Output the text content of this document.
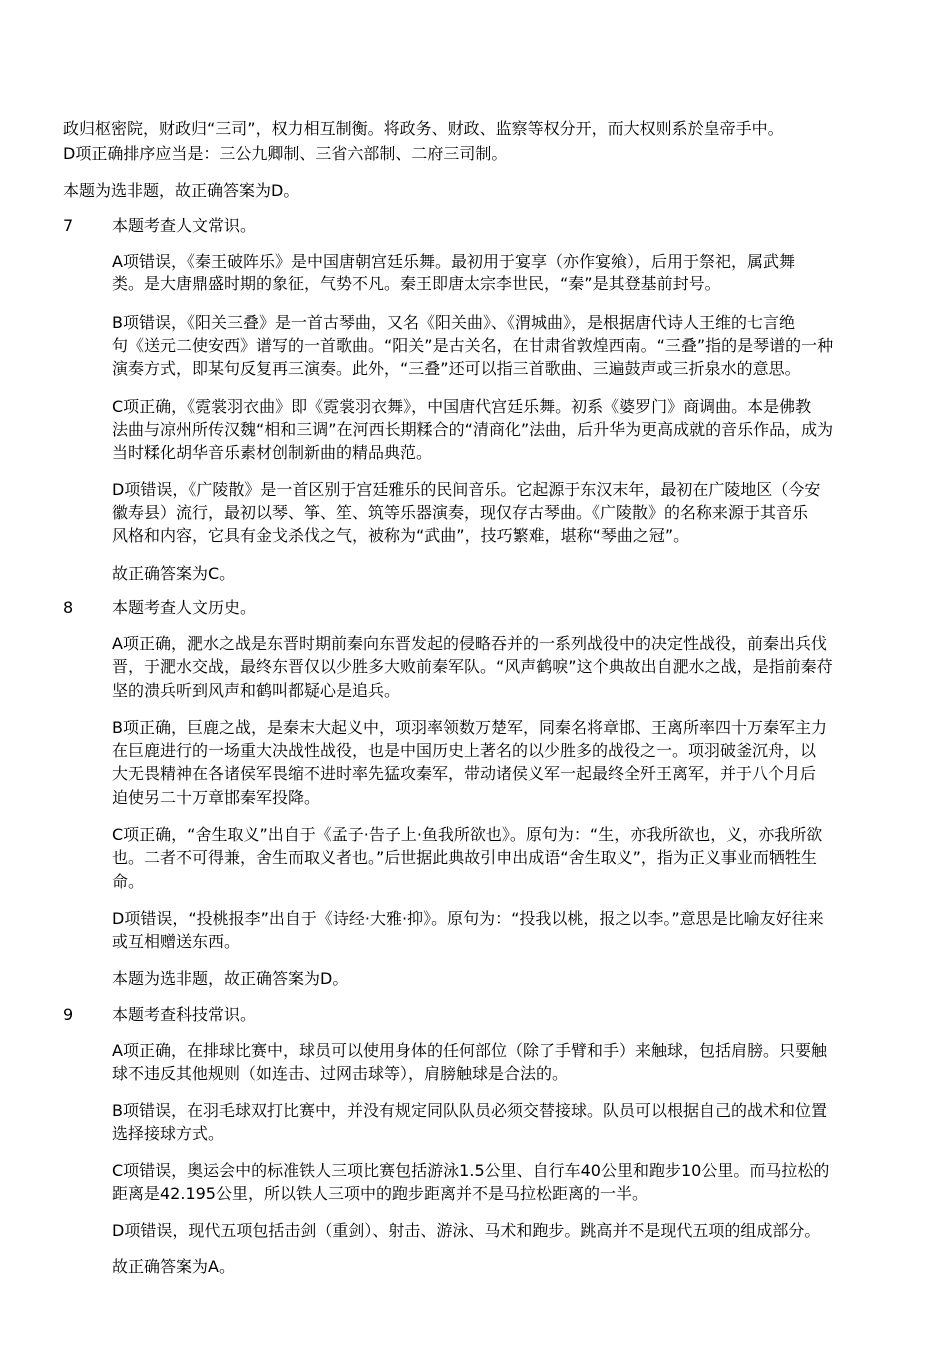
政归枢密院，财政归“三司”，权力相互制衡。将政务、财政、监察等权分开，而大权则系於皇帝手中。
D项正确排序应当是：三公九卿制、三省六部制、二府三司制。
本题为选非题，故正确答案为D。
7 本题考查人文常识。
A项错误，《秦王破阵乐》是中国唐朝宫廷乐舞。最初用于宴享（亦作宴飨），后用于祭祀，属武舞
类。是大唐鼎盛时期的象征，气势不凡。秦王即唐太宗李世民，“秦”是其登基前封号。
B项错误，《阳关三叠》是一首古琴曲，又名《阳关曲》、《渭城曲》，是根据唐代诗人王维的七言绝
句《送元二使安西》谱写的一首歌曲。“阳关”是古关名，在甘肃省敦煌西南。“三叠”指的是琴谱的一种
演奏方式，即某句反复再三演奏。此外，“三叠”还可以指三首歌曲、三遍鼓声或三折泉水的意思。
C项正确，《霓裳羽衣曲》即《霓裳羽衣舞》，中国唐代宫廷乐舞。初系《婆罗门》商调曲。本是佛教
法曲与凉州所传汉魏“相和三调”在河西长期糅合的“清商化”法曲，后升华为更高成就的音乐作品，成为
当时糅化胡华音乐素材创制新曲的精品典范。
D项错误，《广陵散》是一首区别于宫廷雅乐的民间音乐。它起源于东汉末年，最初在广陵地区（今安
徽寿县）流行，最初以琴、筝、笙、筑等乐器演奏，现仅存古琴曲。《广陵散》的名称来源于其音乐
风格和内容，它具有金戈杀伐之气，被称为“武曲”，技巧繁难，堪称“琴曲之冠”。
故正确答案为C。
8 本题考查人文历史。
A项正确，淝水之战是东晋时期前秦向东晋发起的侵略吞并的一系列战役中的决定性战役，前秦出兵伐
晋，于淝水交战，最终东晋仅以少胜多大败前秦军队。“风声鹤唳”这个典故出自淝水之战，是指前秦苻
坚的溃兵听到风声和鹤叫都疑心是追兵。
B项正确，巨鹿之战，是秦末大起义中，项羽率领数万楚军，同秦名将章邯、王离所率四十万秦军主力
在巨鹿进行的一场重大决战性战役，也是中国历史上著名的以少胜多的战役之一。项羽破釜沉舟，以
大无畏精神在各诸侯军畏缩不进时率先猛攻秦军，带动诸侯义军一起最终全歼王离军，并于八个月后
迫使另二十万章邯秦军投降。
C项正确，“舍生取义”出自于《孟子·告子上·鱼我所欲也》。原句为：“生，亦我所欲也，义，亦我所欲
也。二者不可得兼，舍生而取义者也。”后世据此典故引申出成语“舍生取义”，指为正义事业而牺牲生
命。
D项错误，“投桃报李”出自于《诗经·大雅·抑》。原句为：“投我以桃，报之以李。”意思是比喻友好往来
或互相赠送东西。
本题为选非题，故正确答案为D。
9 本题考查科技常识。
A项正确，在排球比赛中，球员可以使用身体的任何部位（除了手臂和手）来触球，包括肩膀。只要触
球不违反其他规则（如连击、过网击球等），肩膀触球是合法的。
B项错误，在羽毛球双打比赛中，并没有规定同队队员必须交替接球。队员可以根据自己的战术和位置
选择接球方式。
C项错误，奥运会中的标准铁人三项比赛包括游泳1.5公里、自行车40公里和跑步10公里。而马拉松的
距离是42.195公里，所以铁人三项中的跑步距离并不是马拉松距离的一半。
D项错误，现代五项包括击剑（重剑）、射击、游泳、马术和跑步。跳高并不是现代五项的组成部分。
故正确答案为A。
